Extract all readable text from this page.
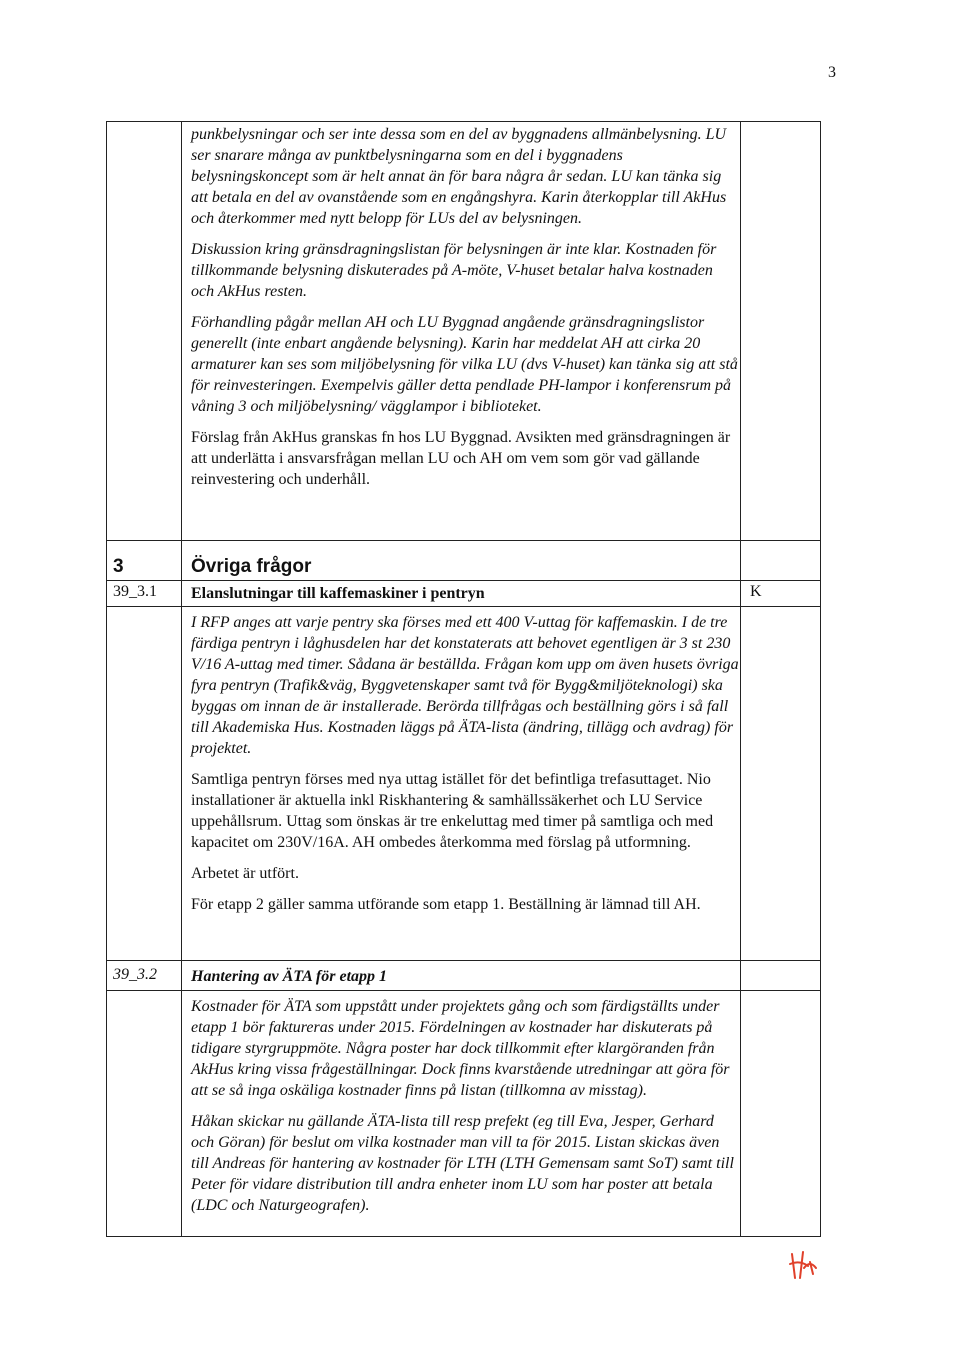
3

punkbelysningar och ser inte dessa som en del av byggnadens allmänbelysning. LU ser snarare många av punktbelysningarna som en del i byggnadens belysningskoncept som är helt annat än för bara några år sedan. LU kan tänka sig att betala en del av ovanstående som en engångshyra. Karin återkopplar till AkHus och återkommer med nytt belopp för LUs del av belysningen.

Diskussion kring gränsdragningslistan för belysningen är inte klar. Kostnaden för tillkommande belysning diskuterades på A-möte, V-huset betalar halva kostnaden och AkHus resten.

Förhandling pågår mellan AH och LU Byggnad angående gränsdragningslistor generellt (inte enbart angående belysning). Karin har meddelat AH att cirka 20 armaturer kan ses som miljöbelysning för vilka LU (dvs V-huset) kan tänka sig att stå för reinvesteringen. Exempelvis gäller detta pendlade PH-lampor i konferensrum på våning 3 och miljöbelysning/ vägglampor i biblioteket.

Förslag från AkHus granskas fn hos LU Byggnad. Avsikten med gränsdragningen är att underlätta i ansvarsfrågan mellan LU och AH om vem som gör vad gällande reinvestering och underhåll.

3	Övriga frågor
39_3.1 Elanslutningar till kaffemaskiner i pentryn	K

I RFP anges att varje pentry ska förses med ett 400 V-uttag för kaffemaskin. I de tre färdiga pentryn i låghusdelen har det konstaterats att behovet egentligen är 3 st 230 V/16 A-uttag med timer. Sådana är beställda. Frågan kom upp om även husets övriga fyra pentryn (Trafik&väg, Byggvetenskaper samt två för Bygg&miljöteknologi) ska byggas om innan de är installerade. Berörda tillfrågas och beställning görs i så fall till Akademiska Hus. Kostnaden läggs på ÄTA-lista (ändring, tillägg och avdrag) för projektet.

Samtliga pentryn förses med nya uttag istället för det befintliga trefasuttaget. Nio installationer är aktuella inkl Riskhantering & samhällssäkerhet och LU Service uppehållsrum. Uttag som önskas är tre enkeluttag med timer på samtliga och med kapacitet om 230V/16A. AH ombedes återkomma med förslag på utformning.

Arbetet är utfört.

För etapp 2 gäller samma utförande som etapp 1. Beställning är lämnad till AH.

39_3.2 Hantering av ÄTA för etapp 1

Kostnader för ÄTA som uppstått under projektets gång och som färdigställts under etapp 1 bör faktureras under 2015. Fördelningen av kostnader har diskuterats på tidigare styrgruppmöte. Några poster har dock tillkommit efter klargöranden från AkHus kring vissa frågeställningar. Dock finns kvarstående utredningar att göra för att se så inga oskäliga kostnader finns på listan (tillkomna av misstag).

Håkan skickar nu gällande ÄTA-lista till resp prefekt (eg till Eva, Jesper, Gerhard och Göran) för beslut om vilka kostnader man vill ta för 2015. Listan skickas även till Andreas för hantering av kostnader för LTH (LTH Gemensam samt SoT) samt till Peter för vidare distribution till andra enheter inom LU som har poster att betala (LDC och Naturgeografen).
